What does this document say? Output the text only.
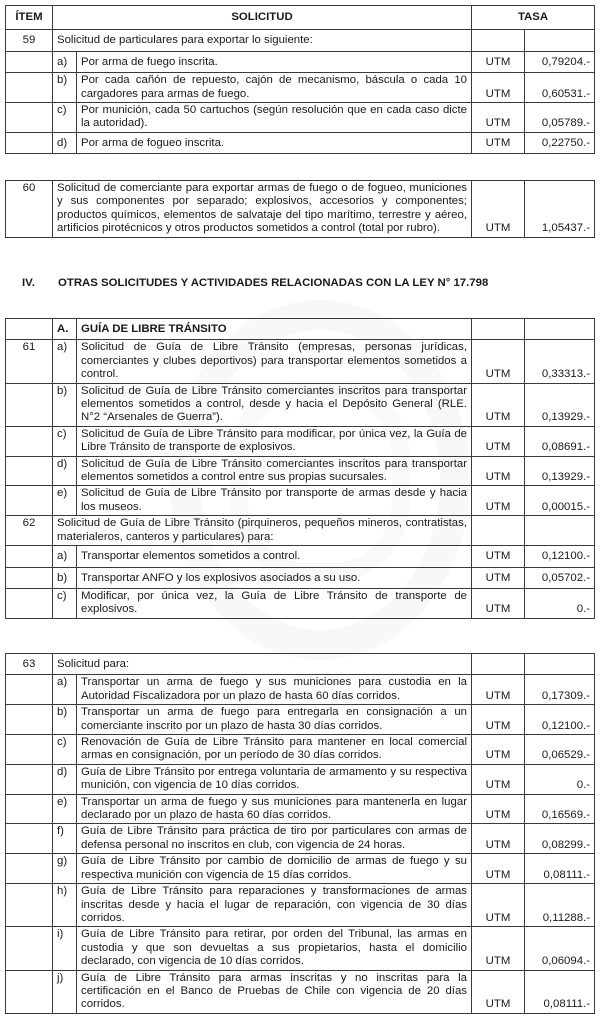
ÍTEM	SOLICITUD		TASA	
59	Solicitud de particulares para exportar lo siguiente:			
	a)	Por arma de fuego inscrita.	UTM	0,79204.-
	b)	Por cada cañón de repuesto, cajón de mecanismo, báscula o cada 10 cargadores para armas de fuego.	UTM	0,60531.-
	c)	Por munición, cada 50 cartuchos (según resolución que en cada caso dicte la autoridad).	UTM	0,05789.-
	d)	Por arma de fogueo inscrita.	UTM	0,22750.-
60	Solicitud de comerciante para exportar armas de fuego o de fogueo, municiones y sus componentes por separado; explosivos, accesorios y componentes; productos químicos, elementos de salvataje del tipo marítimo, terrestre y aéreo, artificios pirotécnicos y otros productos sometidos a control (total por rubro).	UTM	1,05437.-
IV. OTRAS SOLICITUDES Y ACTIVIDADES RELACIONADAS CON LA LEY N° 17.798
	A.	GUÍA DE LIBRE TRÁNSITO		
61	a)	Solicitud de Guía de Libre Tránsito (empresas, personas jurídicas, comerciantes y clubes deportivos) para transportar elementos sometidos a control.	UTM	0,33313.-
	b)	Solicitud de Guía de Libre Tránsito comerciantes inscritos para transportar elementos sometidos a control, desde y hacia el Depósito General (RLE. N°2 “Arsenales de Guerra”).	UTM	0,13929.-
	c)	Solicitud de Guía de Libre Tránsito para modificar, por única vez, la Guía de Libre Tránsito de transporte de explosivos.	UTM	0,08691.-
	d)	Solicitud de Guía de Libre Tránsito comerciantes inscritos para transportar elementos sometidos a control entre sus propias sucursales.	UTM	0,13929.-
	e)	Solicitud de Guía de Libre Tránsito por transporte de armas desde y hacia los museos.	UTM	0,00015.-
62	Solicitud de Guía de Libre Tránsito (pirquineros, pequeños mineros, contratistas, materialeros, canteros y particulares) para:			
	a)	Transportar elementos sometidos a control.	UTM	0,12100.-
	b)	Transportar ANFO y los explosivos asociados a su uso.	UTM	0,05702.-
	c)	Modificar, por única vez, la Guía de Libre Tránsito de transporte de explosivos.	UTM	0.-
63	Solicitud para:			
	a)	Transportar un arma de fuego y sus municiones para custodia en la Autoridad Fiscalizadora por un plazo de hasta 60 días corridos.	UTM	0,17309.-
	b)	Transportar un arma de fuego para entregarla en consignación a un comerciante inscrito por un plazo de hasta 30 días corridos.	UTM	0,12100.-
	c)	Renovación de Guía de Libre Tránsito para mantener en local comercial armas en consignación, por un período de 30 días corridos.	UTM	0,06529.-
	d)	Guía de Libre Tránsito por entrega voluntaria de armamento y su respectiva munición, con vigencia de 10 días corridos.	UTM	0.-
	e)	Transportar un arma de fuego y sus municiones para mantenerla en lugar declarado por un plazo de hasta 60 días corridos.	UTM	0,16569.-
	f)	Guía de Libre Tránsito para práctica de tiro por particulares con armas de defensa personal no inscritos en club, con vigencia de 24 horas.	UTM	0,08299.-
	g)	Guía de Libre Tránsito por cambio de domicilio de armas de fuego y su respectiva munición con vigencia de 15 días corridos.	UTM	0,08111.-
	h)	Guía de Libre Tránsito para reparaciones y transformaciones de armas inscritas desde y hacia el lugar de reparación, con vigencia de 30 días corridos.	UTM	0,11288.-
	i)	Guía de Libre Tránsito para retirar, por orden del Tribunal, las armas en custodia y que son devueltas a sus propietarios, hasta el domicilio declarado, con vigencia de 10 días corridos.	UTM	0,06094.-
	j)	Guía de Libre Tránsito para armas inscritas y no inscritas para la certificación en el Banco de Pruebas de Chile con vigencia de 20 días corridos.	UTM	0,08111.-
